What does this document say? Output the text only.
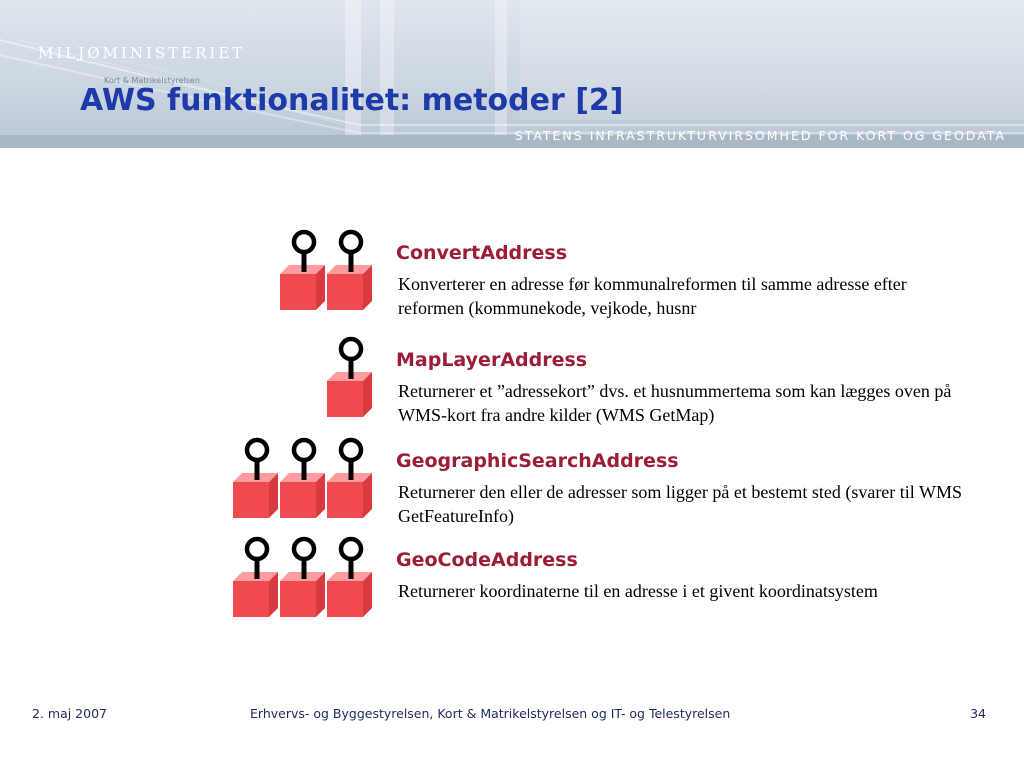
MILJØMINISTERIET
Kort & Matrikelstyrelsen
STATENS INFRASTRUKTURVIRSOMHED FOR KORT OG GEODATA
AWS funktionalitet: metoder [2]
ConvertAddress

Konverterer en adresse før kommunalreformen til samme adresse efter reformen (kommunekode, vejkode, husnr

MapLayerAddress

Returnerer et ”adressekort” dvs. et husnummertema som kan lægges oven på WMS-kort fra andre kilder (WMS GetMap)

GeographicSearchAddress

Returnerer den eller de adresser som ligger på et bestemt sted (svarer til WMS GetFeatureInfo)

GeoCodeAddress

Returnerer koordinaterne til en adresse i et givent koordinatsystem

2. maj 2007	Erhvervs- og Byggestyrelsen, Kort & Matrikelstyrelsen og IT- og Telestyrelsen	34
